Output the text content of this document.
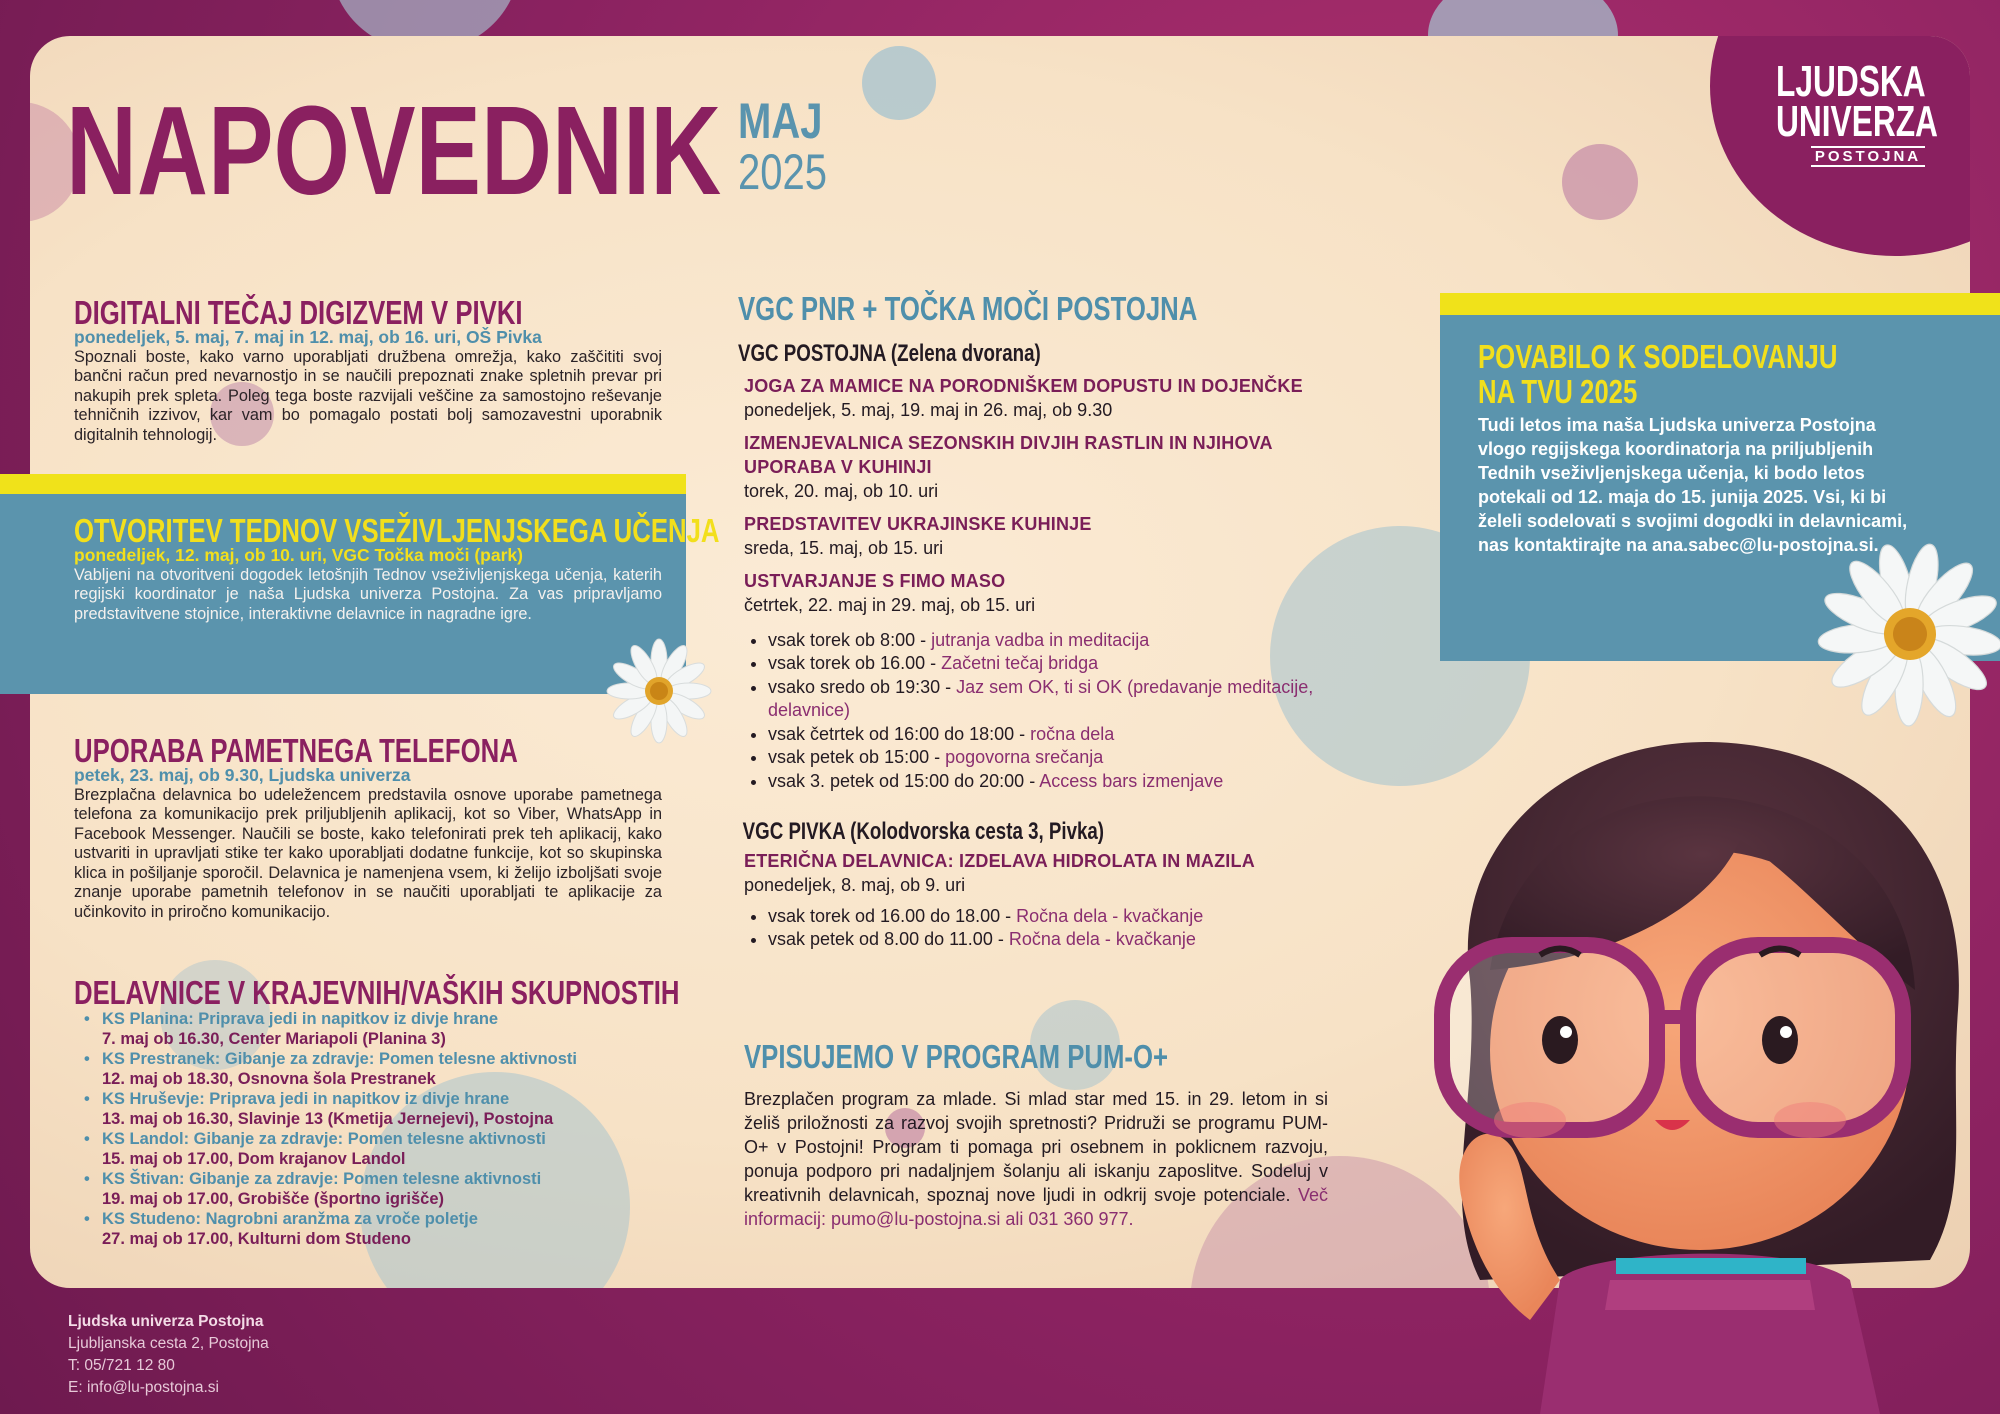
LJUDSKA
UNIVERZA
POSTOJNA
NAPOVEDNIK MAJ
2025
DIGITALNI TEČAJ DIGIZVEM V PIVKI
ponedeljek, 5. maj, 7. maj in 12. maj, ob 16. uri, OŠ Pivka
Spoznali boste, kako varno uporabljati družbena omrežja, kako zaščititi svoj bančni račun pred nevarnostjo in se naučili prepoznati znake spletnih prevar pri nakupih prek spleta. Poleg tega boste razvijali veščine za samostojno reševanje tehničnih izzivov, kar vam bo pomagalo postati bolj samozavestni uporabnik digitalnih tehnologij.
OTVORITEV TEDNOV VSEŽIVLJENJSKEGA UČENJA
ponedeljek, 12. maj, ob 10. uri, VGC Točka moči (park)
Vabljeni na otvoritveni dogodek letošnjih Tednov vseživljenjskega učenja, katerih regijski koordinator je naša Ljudska univerza Postojna. Za vas pripravljamo predstavitvene stojnice, interaktivne delavnice in nagradne igre.
UPORABA PAMETNEGA TELEFONA
petek, 23. maj, ob 9.30, Ljudska univerza
Brezplačna delavnica bo udeležencem predstavila osnove uporabe pametnega telefona za komunikacijo prek priljubljenih aplikacij, kot so Viber, WhatsApp in Facebook Messenger. Naučili se boste, kako telefonirati prek teh aplikacij, kako ustvariti in upravljati stike ter kako uporabljati dodatne funkcije, kot so skupinska klica in pošiljanje sporočil. Delavnica je namenjena vsem, ki želijo izboljšati svoje znanje uporabe pametnih telefonov in se naučiti uporabljati te aplikacije za učinkovito in priročno komunikacijo.
DELAVNICE V KRAJEVNIH/VAŠKIH SKUPNOSTIH
• KS Planina: Priprava jedi in napitkov iz divje hrane
7. maj ob 16.30, Center Mariapoli (Planina 3)
• KS Prestranek: Gibanje za zdravje: Pomen telesne aktivnosti
12. maj ob 18.30, Osnovna šola Prestranek
• KS Hruševje: Priprava jedi in napitkov iz divje hrane
13. maj ob 16.30, Slavinje 13 (Kmetija Jernejevi), Postojna
• KS Landol: Gibanje za zdravje: Pomen telesne aktivnosti
15. maj ob 17.00, Dom krajanov Landol
• KS Štivan: Gibanje za zdravje: Pomen telesne aktivnosti
19. maj ob 17.00, Grobišče (športno igrišče)
• KS Studeno: Nagrobni aranžma za vroče poletje
27. maj ob 17.00, Kulturni dom Studeno
VGC PNR + TOČKA MOČI POSTOJNA
VGC POSTOJNA (Zelena dvorana)
JOGA ZA MAMICE NA PORODNIŠKEM DOPUSTU IN DOJENČKE
ponedeljek, 5. maj, 19. maj in 26. maj, ob 9.30
IZMENJEVALNICA SEZONSKIH DIVJIH RASTLIN IN NJIHOVA UPORABA V KUHINJI
torek, 20. maj, ob 10. uri
PREDSTAVITEV UKRAJINSKE KUHINJE
sreda, 15. maj, ob 15. uri
USTVARJANJE S FIMO MASO
četrtek, 22. maj in 29. maj, ob 15. uri
• vsak torek ob 8:00 - jutranja vadba in meditacija
• vsak torek ob 16.00 - Začetni tečaj bridga
• vsako sredo ob 19:30 - Jaz sem OK, ti si OK (predavanje meditacije, delavnice)
• vsak četrtek od 16:00 do 18:00 - ročna dela
• vsak petek ob 15:00 - pogovorna srečanja
• vsak 3. petek od 15:00 do 20:00 - Access bars izmenjave
VGC PIVKA (Kolodvorska cesta 3, Pivka)
ETERIČNA DELAVNICA: IZDELAVA HIDROLATA IN MAZILA
ponedeljek, 8. maj, ob 9. uri
• vsak torek od 16.00 do 18.00 - Ročna dela - kvačkanje
• vsak petek od 8.00 do 11.00 - Ročna dela - kvačkanje
VPISUJEMO V PROGRAM PUM-O+
Brezplačen program za mlade. Si mlad star med 15. in 29. letom in si želiš priložnosti za razvoj svojih spretnosti? Pridruži se programu PUM-O+ v Postojni! Program ti pomaga pri osebnem in poklicnem razvoju, ponuja podporo pri nadaljnjem šolanju ali iskanju zaposlitve. Sodeluj v kreativnih delavnicah, spoznaj nove ljudi in odkrij svoje potenciale. Več informacij: pumo@lu-postojna.si ali 031 360 977.
POVABILO K SODELOVANJU
NA TVU 2025
Tudi letos ima naša Ljudska univerza Postojna vlogo regijskega koordinatorja na priljubljenih Tednih vseživljenjskega učenja, ki bodo letos potekali od 12. maja do 15. junija 2025. Vsi, ki bi želeli sodelovati s svojimi dogodki in delavnicami, nas kontaktirajte na ana.sabec@lu-postojna.si.
Ljudska univerza Postojna
Ljubljanska cesta 2, Postojna
T: 05/721 12 80
E: info@lu-postojna.si
